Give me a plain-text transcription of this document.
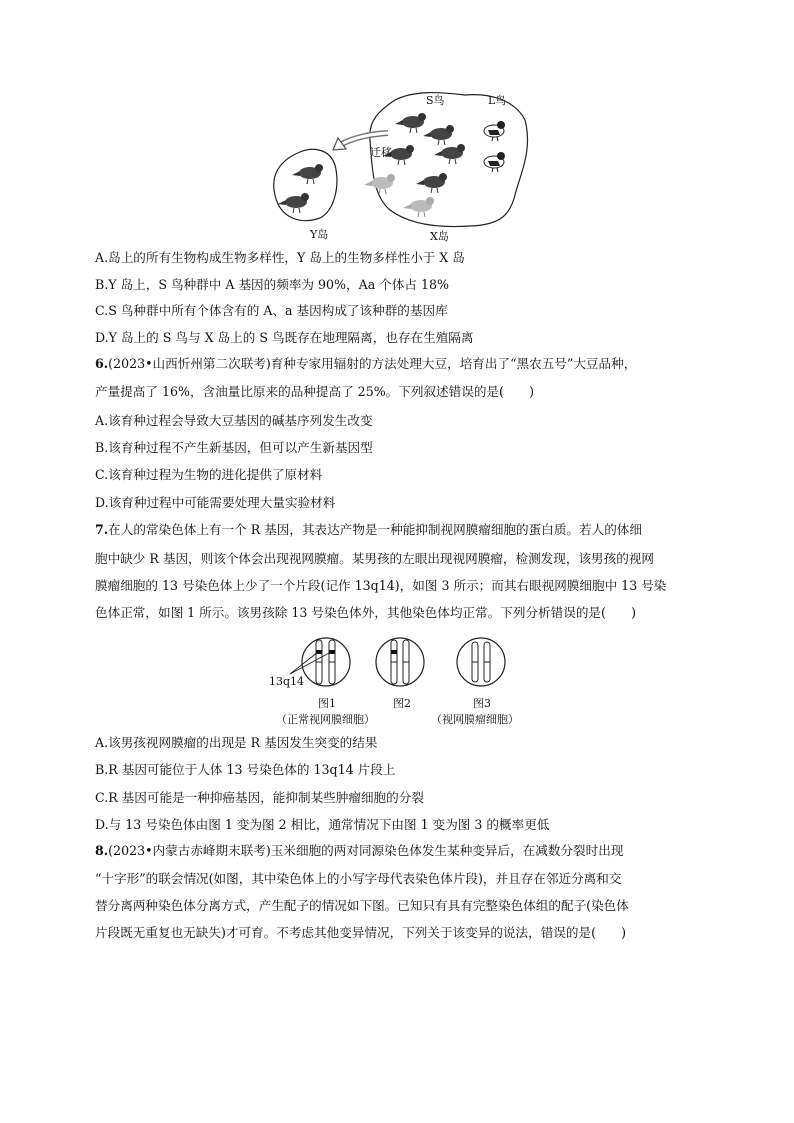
S鸟	L鸟
迁移
Y岛	X岛
A.岛上的所有生物构成生物多样性，Y 岛上的生物多样性小于 X 岛
B.Y 岛上，S 鸟种群中 A 基因的频率为 90%，Aa 个体占 18%
C.S 鸟种群中所有个体含有的 A、a 基因构成了该种群的基因库
D.Y 岛上的 S 鸟与 X 岛上的 S 鸟既存在地理隔离，也存在生殖隔离
6.(2023•山西忻州第二次联考)育种专家用辐射的方法处理大豆，培育出了“黑农五号”大豆品种，
产量提高了 16%，含油量比原来的品种提高了 25%。下列叙述错误的是(　　)
A.该育种过程会导致大豆基因的碱基序列发生改变
B.该育种过程不产生新基因，但可以产生新基因型
C.该育种过程为生物的进化提供了原材料
D.该育种过程中可能需要处理大量实验材料
7.在人的常染色体上有一个 R 基因，其表达产物是一种能抑制视网膜瘤细胞的蛋白质。若人的体细
胞中缺少 R 基因，则该个体会出现视网膜瘤。某男孩的左眼出现视网膜瘤，检测发现，该男孩的视网
膜瘤细胞的 13 号染色体上少了一个片段(记作 13q14)，如图 3 所示；而其右眼视网膜细胞中 13 号染
色体正常，如图 1 所示。该男孩除 13 号染色体外，其他染色体均正常。下列分析错误的是(　　)
13q14
图1	图2	图3
（正常视网膜细胞）	（视网膜瘤细胞）
A.该男孩视网膜瘤的出现是 R 基因发生突变的结果
B.R 基因可能位于人体 13 号染色体的 13q14 片段上
C.R 基因可能是一种抑癌基因，能抑制某些肿瘤细胞的分裂
D.与 13 号染色体由图 1 变为图 2 相比，通常情况下由图 1 变为图 3 的概率更低
8.(2023•内蒙古赤峰期末联考)玉米细胞的两对同源染色体发生某种变异后，在减数分裂时出现
“十字形”的联会情况(如图，其中染色体上的小写字母代表染色体片段)，并且存在邻近分离和交
替分离两种染色体分离方式，产生配子的情况如下图。已知只有具有完整染色体组的配子(染色体
片段既无重复也无缺失)才可育。不考虑其他变异情况，下列关于该变异的说法，错误的是(　　)
